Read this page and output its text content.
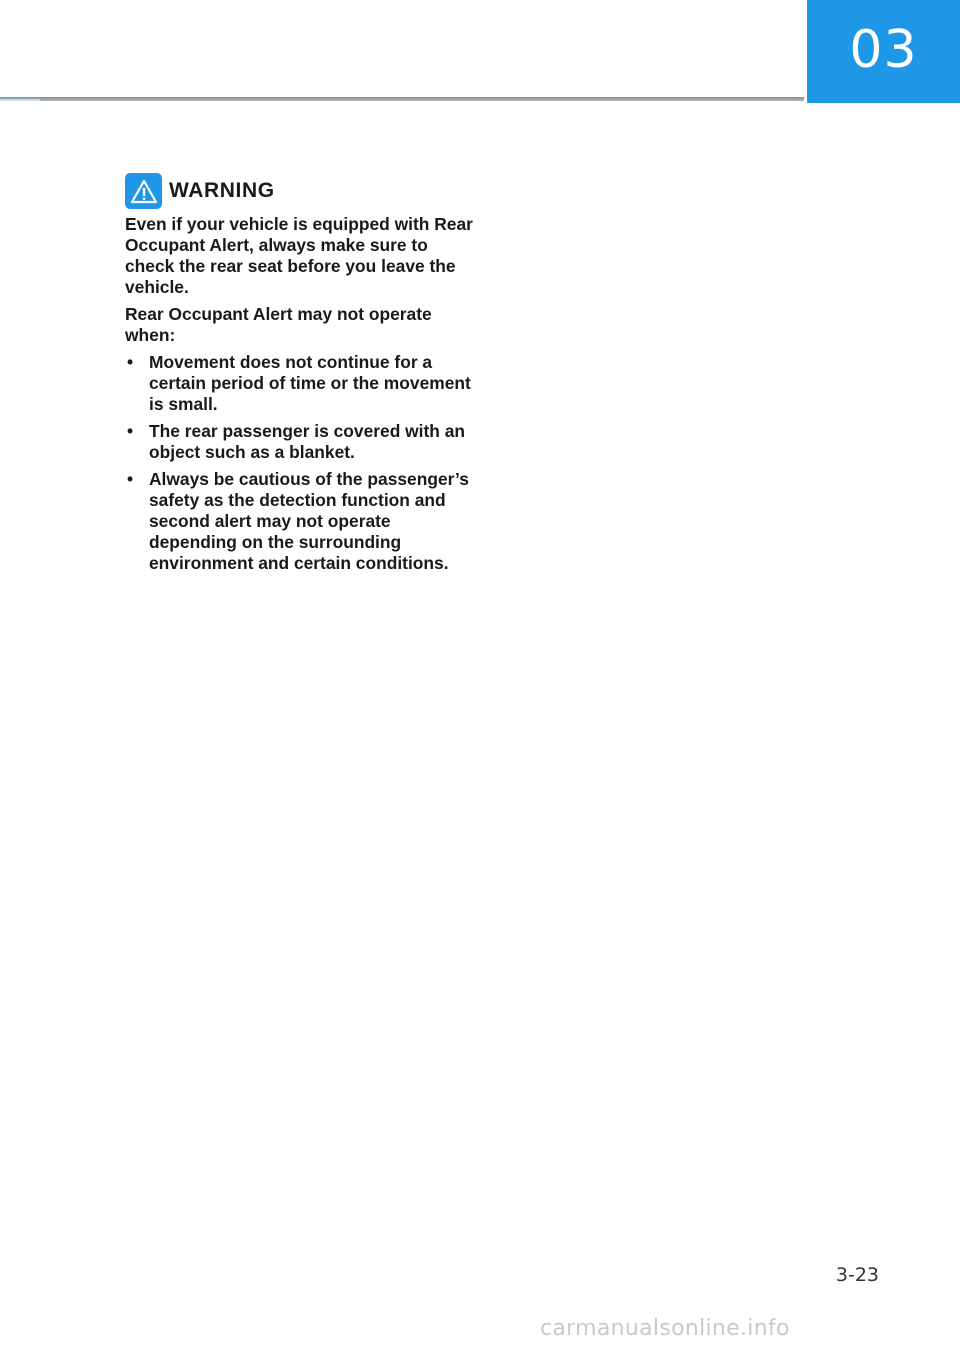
03
WARNING

Even if your vehicle is equipped with Rear Occupant Alert, always make sure to check the rear seat before you leave the vehicle.

Rear Occupant Alert may not operate when:

• Movement does not continue for a certain period of time or the movement is small.
• The rear passenger is covered with an object such as a blanket.
• Always be cautious of the passenger’s safety as the detection function and second alert may not operate depending on the surrounding environment and certain conditions.
3-23
carmanualsonline.info
